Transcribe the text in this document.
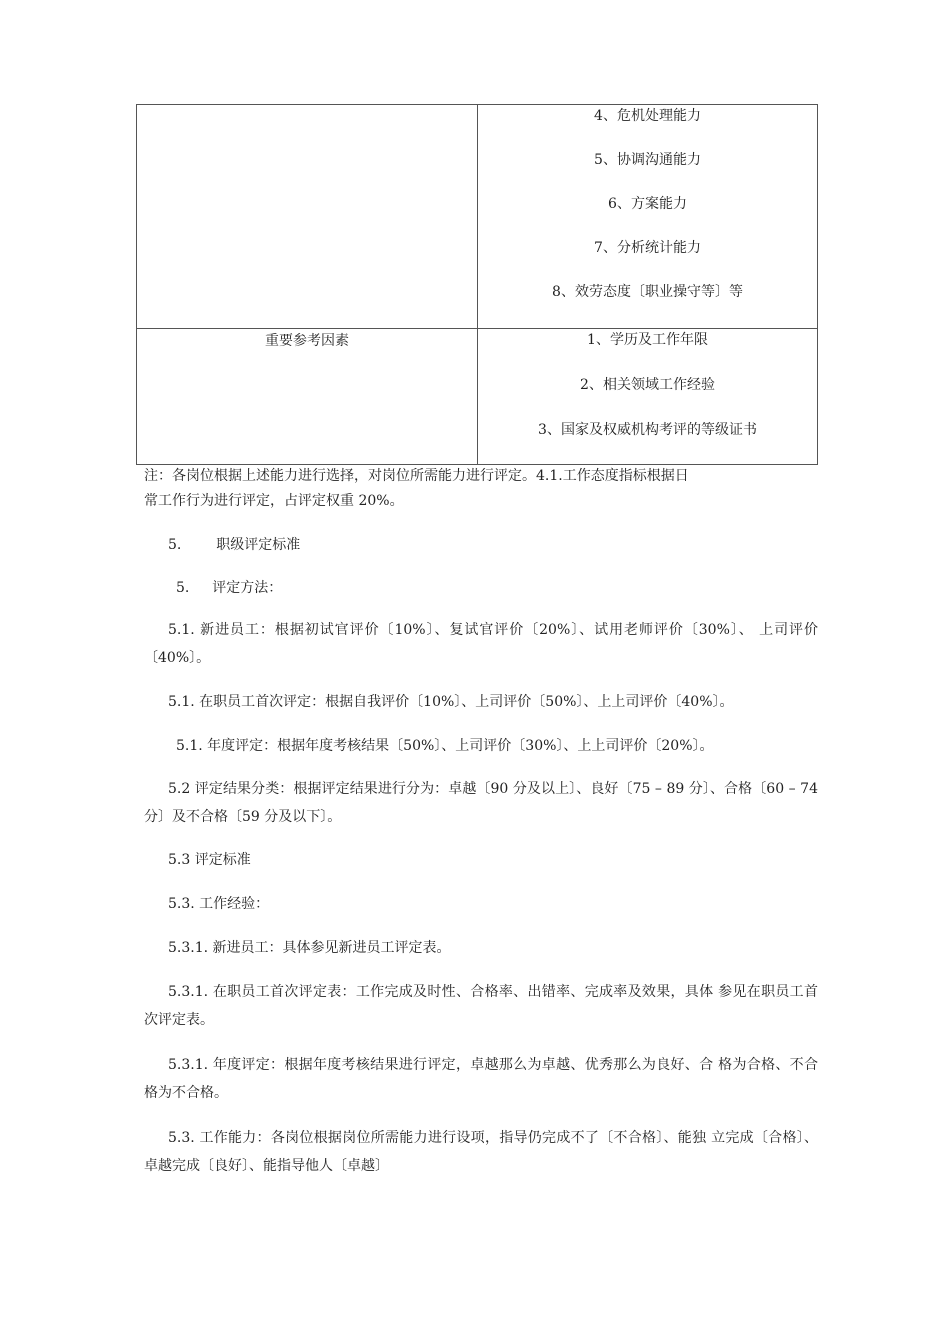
	4、危机处理能力
5、协调沟通能力
6、方案能力
7、分析统计能力
8、效劳态度〔职业操守等〕等

重要参考因素	1、学历及工作年限
2、相关领域工作经验
3、国家及权威机构考评的等级证书
注：各岗位根据上述能力进行选择，对岗位所需能力进行评定。4.1.工作态度指标根据日
常工作行为进行评定，占评定权重 20%。
5. 职级评定标准
5. 评定方法：
5.1. 新进员工：根据初试官评价〔10%〕、复试官评价〔20%〕、试用老师评价〔30%〕、 上司评价〔40%〕。
5.1. 在职员工首次评定：根据自我评价〔10%〕、上司评价〔50%〕、上上司评价〔40%〕。
5.1. 年度评定：根据年度考核结果〔50%〕、上司评价〔30%〕、上上司评价〔20%〕。
5.2 评定结果分类：根据评定结果进行分为：卓越〔90 分及以上〕、良好〔75 – 89 分〕、合格〔60 – 74 分〕及不合格〔59 分及以下〕。
5.3 评定标准
5.3. 工作经验：
5.3.1. 新进员工：具体参见新进员工评定表。
5.3.1. 在职员工首次评定表：工作完成及时性、合格率、出错率、完成率及效果，具体 参见在职员工首次评定表。
5.3.1. 年度评定：根据年度考核结果进行评定，卓越那么为卓越、优秀那么为良好、合 格为合格、不合格为不合格。
5.3. 工作能力：各岗位根据岗位所需能力进行设项，指导仍完成不了〔不合格〕、能独 立完成〔合格〕、卓越完成〔良好〕、能指导他人〔卓越〕
